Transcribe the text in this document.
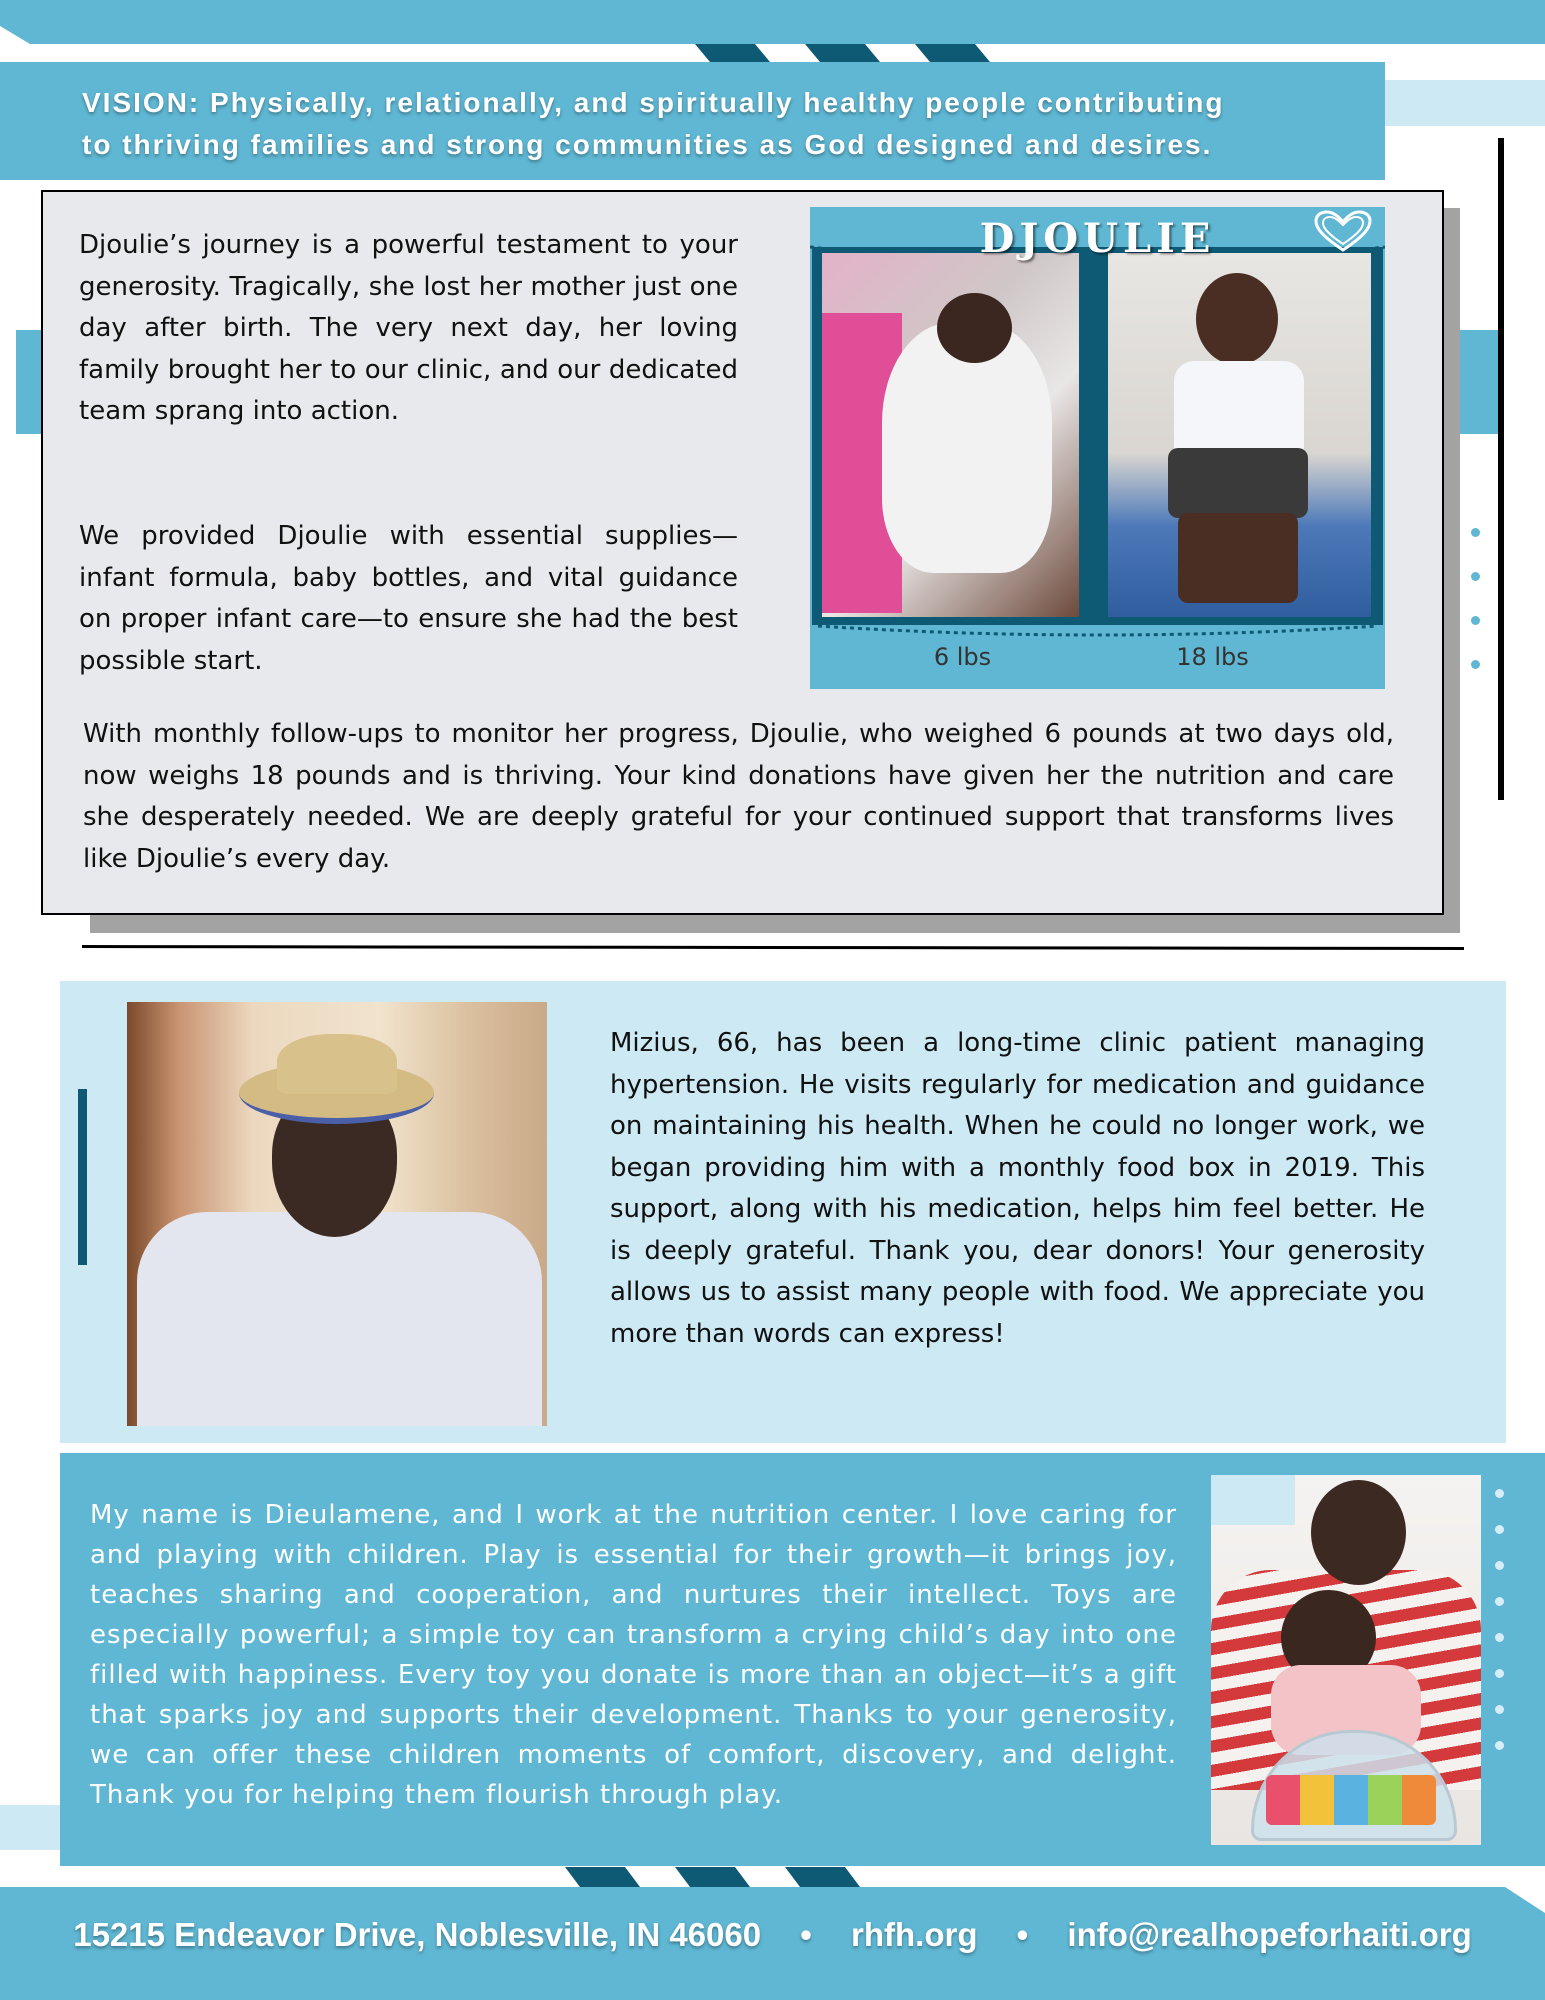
VISION: Physically, relationally, and spiritually healthy people contributing
to thriving families and strong communities as God designed and desires.

Djoulie’s journey is a powerful testament to your generosity. Tragically, she lost her mother just one day after birth. The very next day, her loving family brought her to our clinic, and our dedicated team sprang into action.

We provided Djoulie with essential supplies—infant formula, baby bottles, and vital guidance on proper infant care—to ensure she had the best possible start.

DJOULIE
6 lbs	18 lbs

With monthly follow-ups to monitor her progress, Djoulie, who weighed 6 pounds at two days old, now weighs 18 pounds and is thriving. Your kind donations have given her the nutrition and care she desperately needed. We are deeply grateful for your continued support that transforms lives like Djoulie’s every day.

Mizius, 66, has been a long-time clinic patient managing hypertension. He visits regularly for medication and guidance on maintaining his health. When he could no longer work, we began providing him with a monthly food box in 2019. This support, along with his medication, helps him feel better. He is deeply grateful. Thank you, dear donors! Your generosity allows us to assist many people with food. We appreciate you more than words can express!

My name is Dieulamene, and I work at the nutrition center. I love caring for and playing with children. Play is essential for their growth—it brings joy, teaches sharing and cooperation, and nurtures their intellect. Toys are especially powerful; a simple toy can transform a crying child’s day into one filled with happiness. Every toy you donate is more than an object—it’s a gift that sparks joy and supports their development. Thanks to your generosity, we can offer these children moments of comfort, discovery, and delight. Thank you for helping them flourish through play.

15215 Endeavor Drive, Noblesville, IN 46060 • rhfh.org • info@realhopeforhaiti.org
